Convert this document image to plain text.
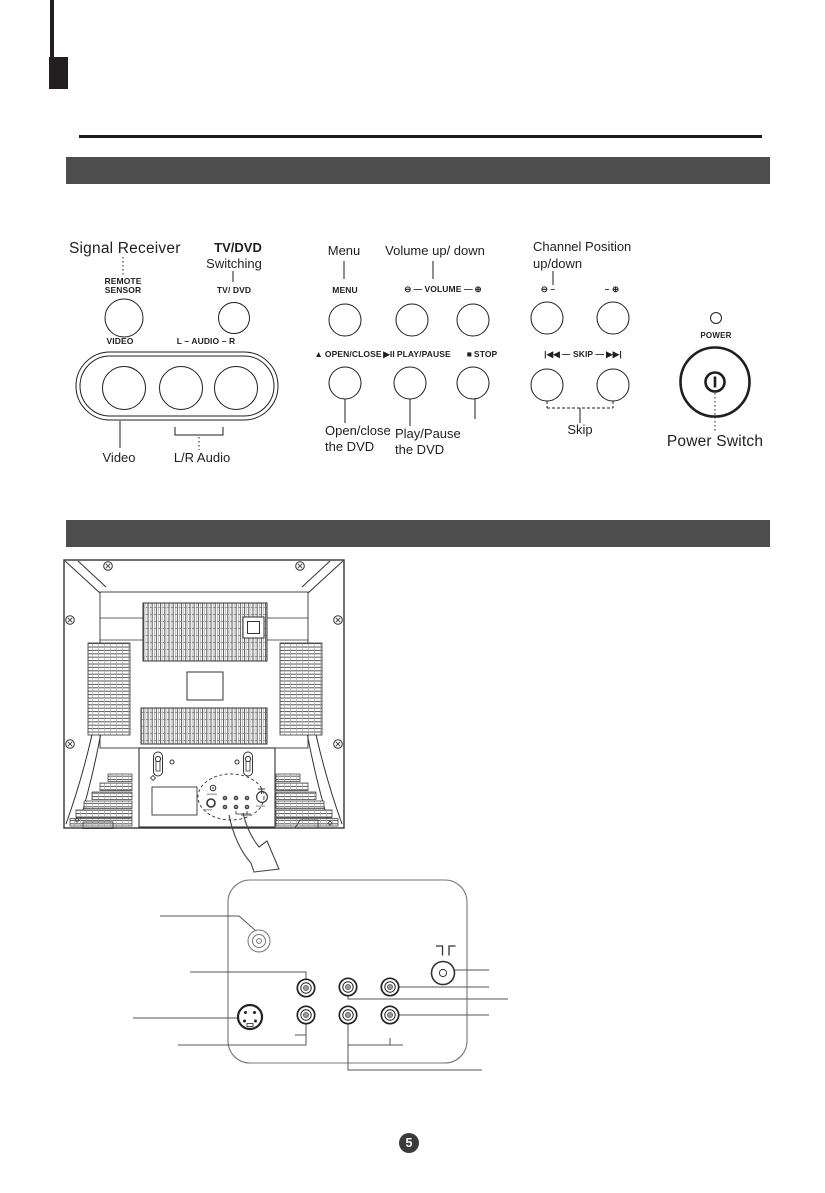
Signal Receiver
REMOTE
SENSOR
TV/DVD
Switching
TV/ DVD
VIDEO	L – AUDIO – R
Video	L/R Audio
Menu
MENU
Volume up/ down
⊖ — VOLUME — ⊕
▲ OPEN/CLOSE ▶II PLAY/PAUSE ■ STOP
Open/close
the DVD
Play/Pause
the DVD
Channel Position
up/down
⊖ –	– ⊕
|◀◀ — SKIP — ▶▶|
Skip
POWER
Power Switch
5
